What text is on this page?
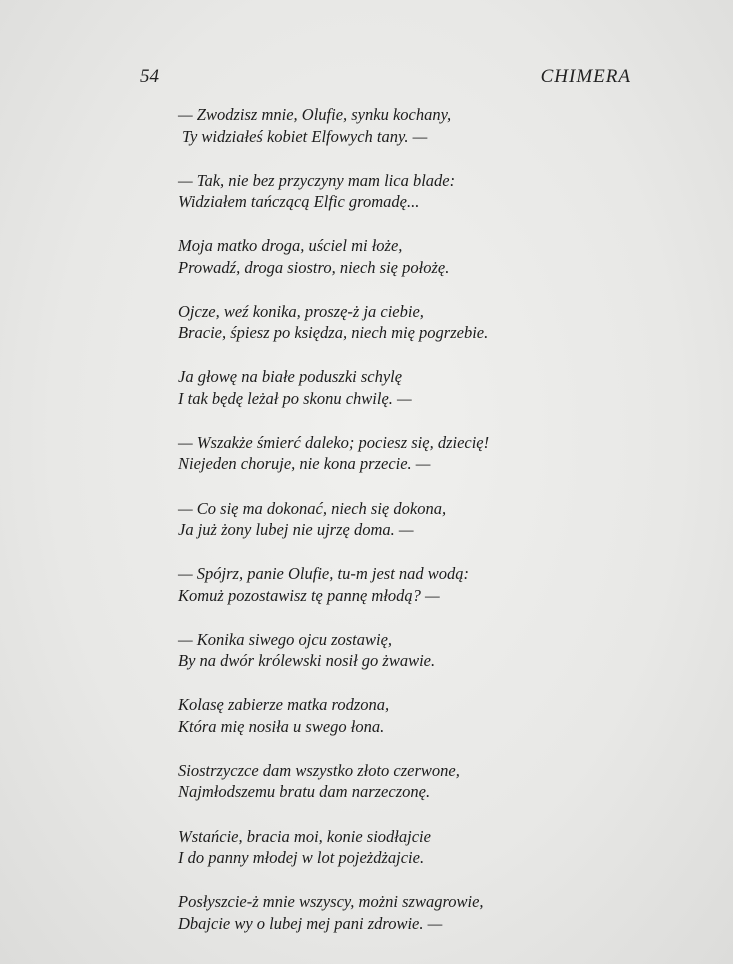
54	CHIMERA
— Zwodzisz mnie, Olufie, synku kochany,
Ty widziałeś kobiet Elfowych tany. —
— Tak, nie bez przyczyny mam lica blade:
Widziałem tańczącą Elfic gromadę...
Moja matko droga, uściel mi łoże,
Prowadź, droga siostro, niech się położę.
Ojcze, weź konika, proszę-ż ja ciebie,
Bracie, śpiesz po księdza, niech mię pogrzebie.
Ja głowę na białe poduszki schylę
I tak będę leżał po skonu chwilę. —
— Wszakże śmierć daleko; pociesz się, dziecię!
Niejeden choruje, nie kona przecie. —
— Co się ma dokonać, niech się dokona,
Ja już żony lubej nie ujrzę doma. —
— Spójrz, panie Olufie, tu-m jest nad wodą:
Komuż pozostawisz tę pannę młodą? —
— Konika siwego ojcu zostawię,
By na dwór królewski nosił go żwawie.
Kolasę zabierze matka rodzona,
Która mię nosiła u swego łona.
Siostrzyczce dam wszystko złoto czerwone,
Najmłodszemu bratu dam narzeczonę.
Wstańcie, bracia moi, konie siodłajcie
I do panny młodej w lot pojeżdżajcie.
Posłyszcie-ż mnie wszyscy, możni szwagrowie,
Dbajcie wy o lubej mej pani zdrowie. —
